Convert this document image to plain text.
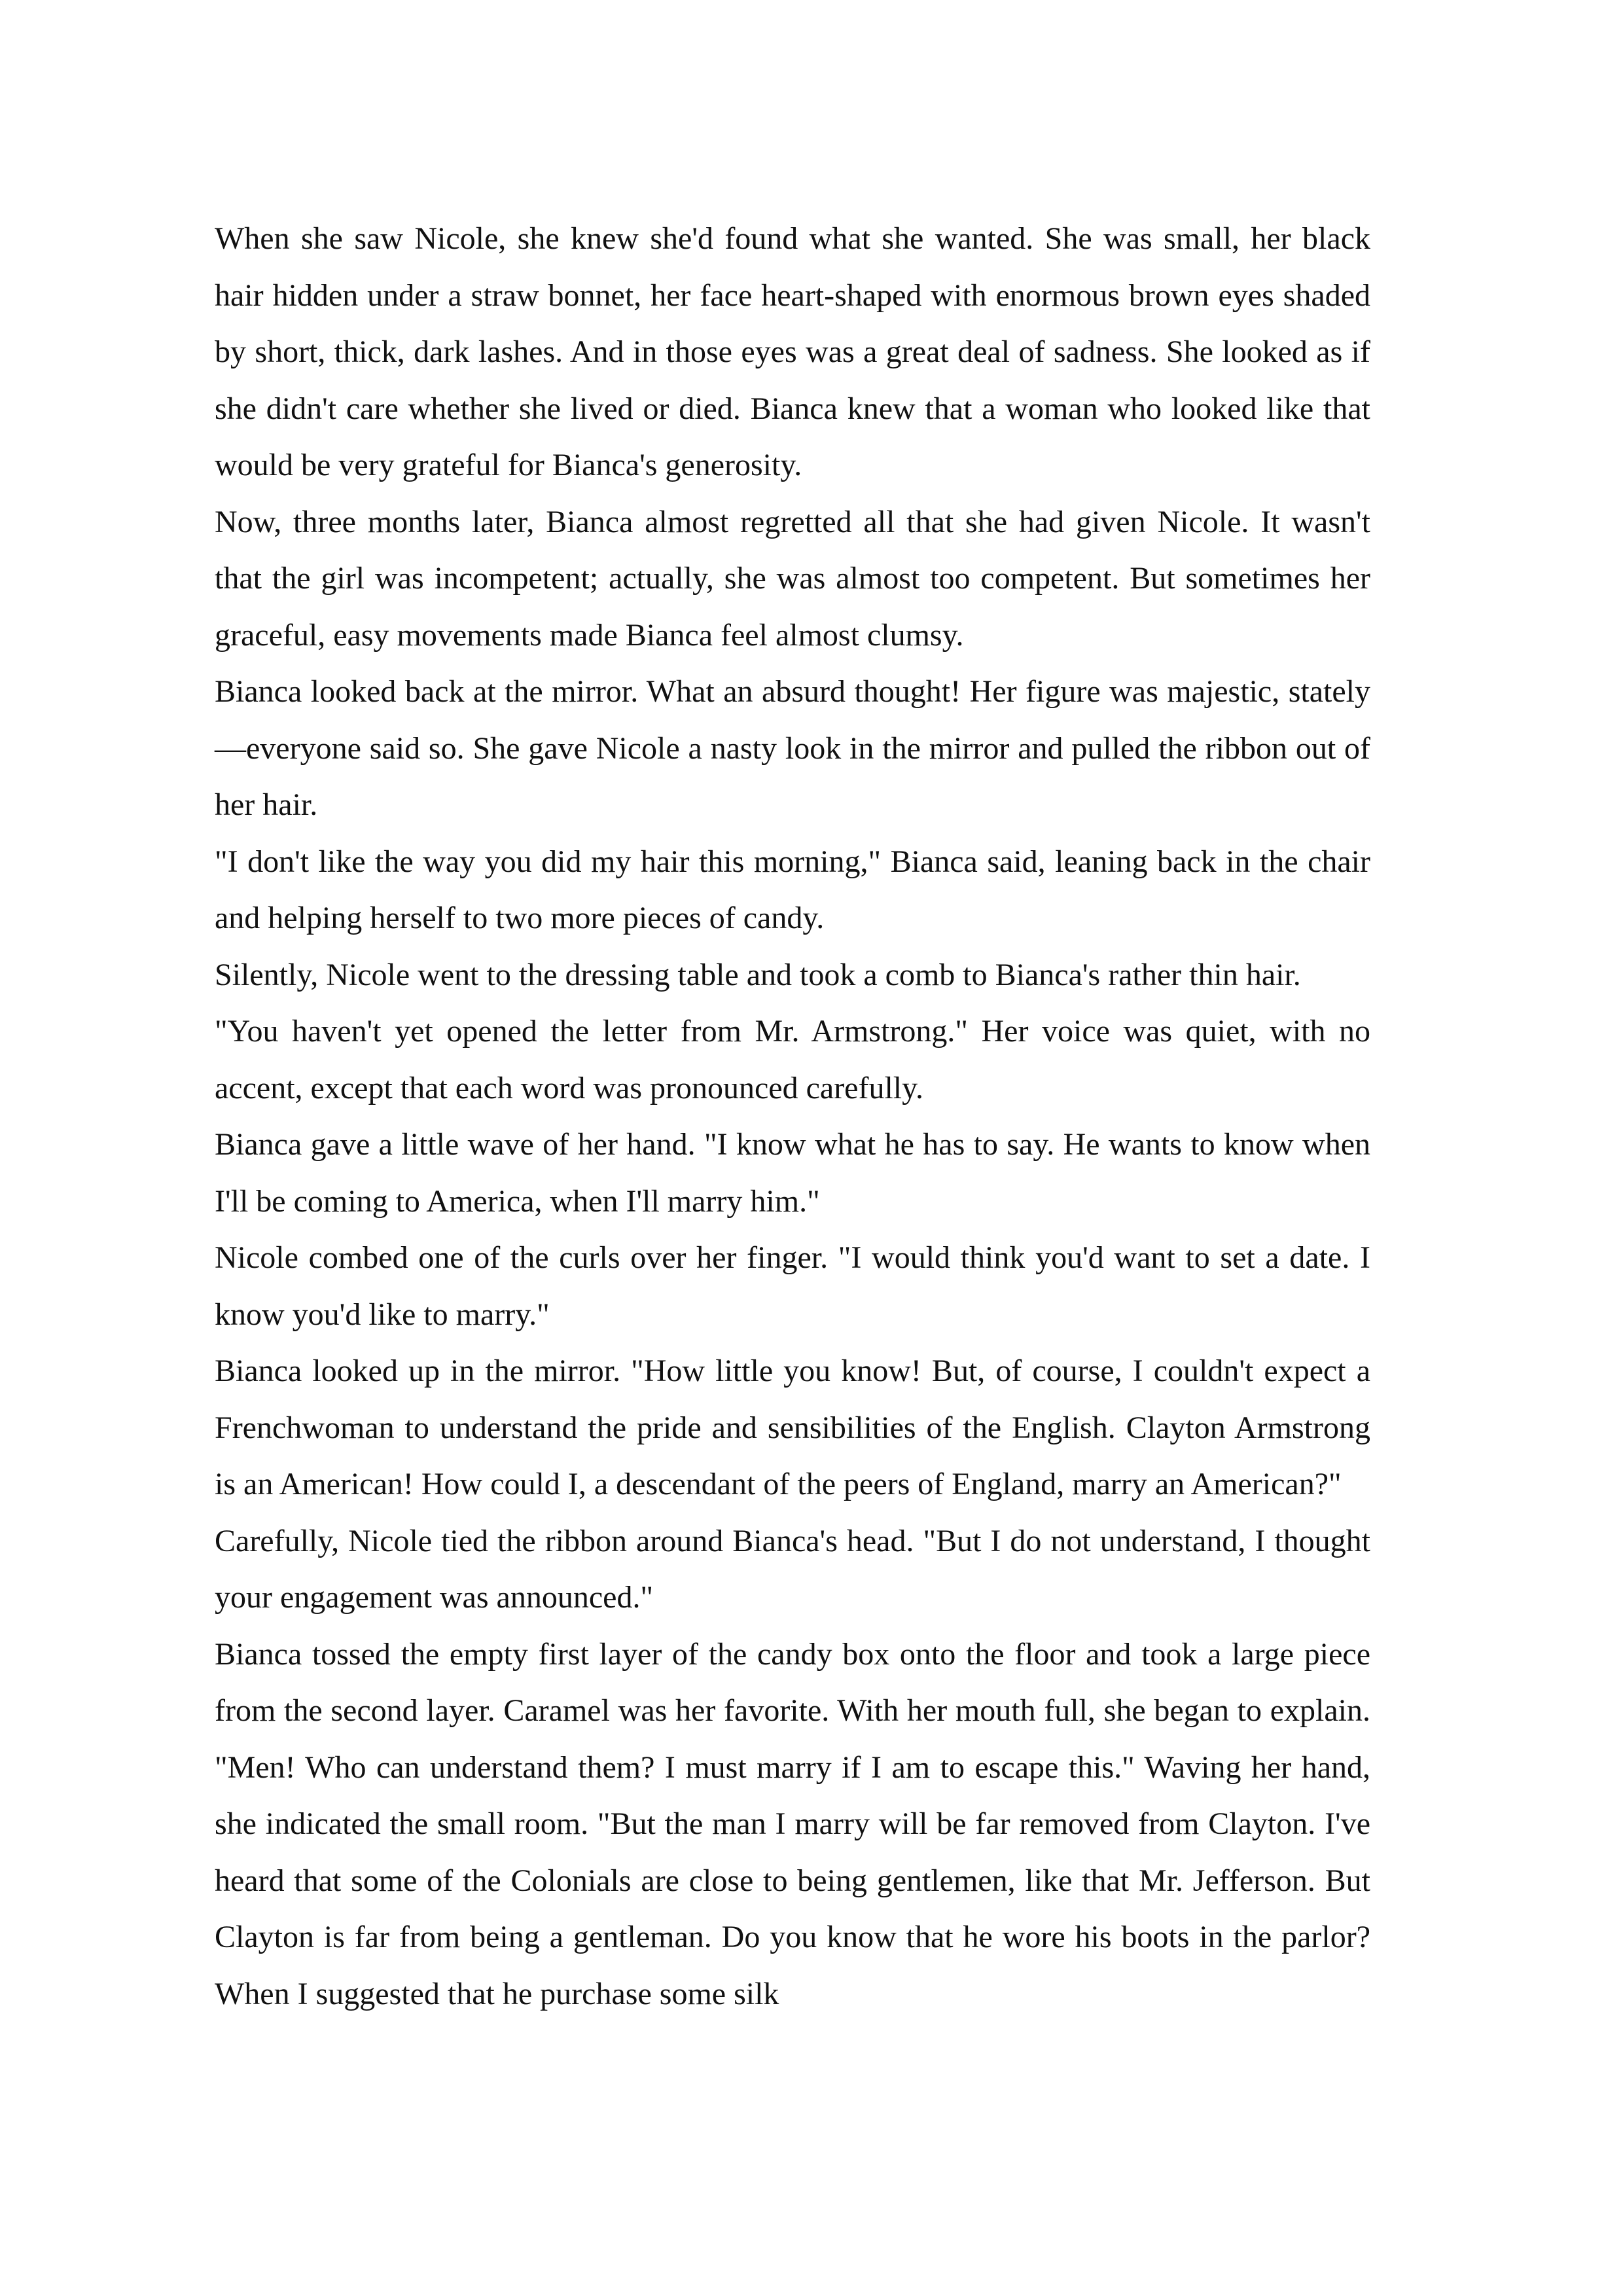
When she saw Nicole, she knew she'd found what she wanted. She was small, her black hair hidden under a straw bonnet, her face heart-shaped with enormous brown eyes shaded by short, thick, dark lashes. And in those eyes was a great deal of sadness. She looked as if she didn't care whether she lived or died. Bianca knew that a woman who looked like that would be very grateful for Bianca's generosity.

Now, three months later, Bianca almost regretted all that she had given Nicole. It wasn't that the girl was incompetent; actually, she was almost too competent. But sometimes her graceful, easy movements made Bianca feel almost clumsy.

Bianca looked back at the mirror. What an absurd thought! Her figure was majestic, stately—everyone said so. She gave Nicole a nasty look in the mirror and pulled the ribbon out of her hair.

"I don't like the way you did my hair this morning," Bianca said, leaning back in the chair and helping herself to two more pieces of candy.

Silently, Nicole went to the dressing table and took a comb to Bianca's rather thin hair.

"You haven't yet opened the letter from Mr. Armstrong." Her voice was quiet, with no accent, except that each word was pronounced carefully.

Bianca gave a little wave of her hand. "I know what he has to say. He wants to know when I'll be coming to America, when I'll marry him."

Nicole combed one of the curls over her finger. "I would think you'd want to set a date. I know you'd like to marry."

Bianca looked up in the mirror. "How little you know! But, of course, I couldn't expect a Frenchwoman to understand the pride and sensibilities of the English. Clayton Armstrong is an American! How could I, a descendant of the peers of England, marry an American?"

Carefully, Nicole tied the ribbon around Bianca's head. "But I do not understand, I thought your engagement was announced."

Bianca tossed the empty first layer of the candy box onto the floor and took a large piece from the second layer. Caramel was her favorite. With her mouth full, she began to explain. "Men! Who can understand them? I must marry if I am to escape this." Waving her hand, she indicated the small room. "But the man I marry will be far removed from Clayton. I've heard that some of the Colonials are close to being gentlemen, like that Mr. Jefferson. But Clayton is far from being a gentleman. Do you know that he wore his boots in the parlor? When I suggested that he purchase some silk
